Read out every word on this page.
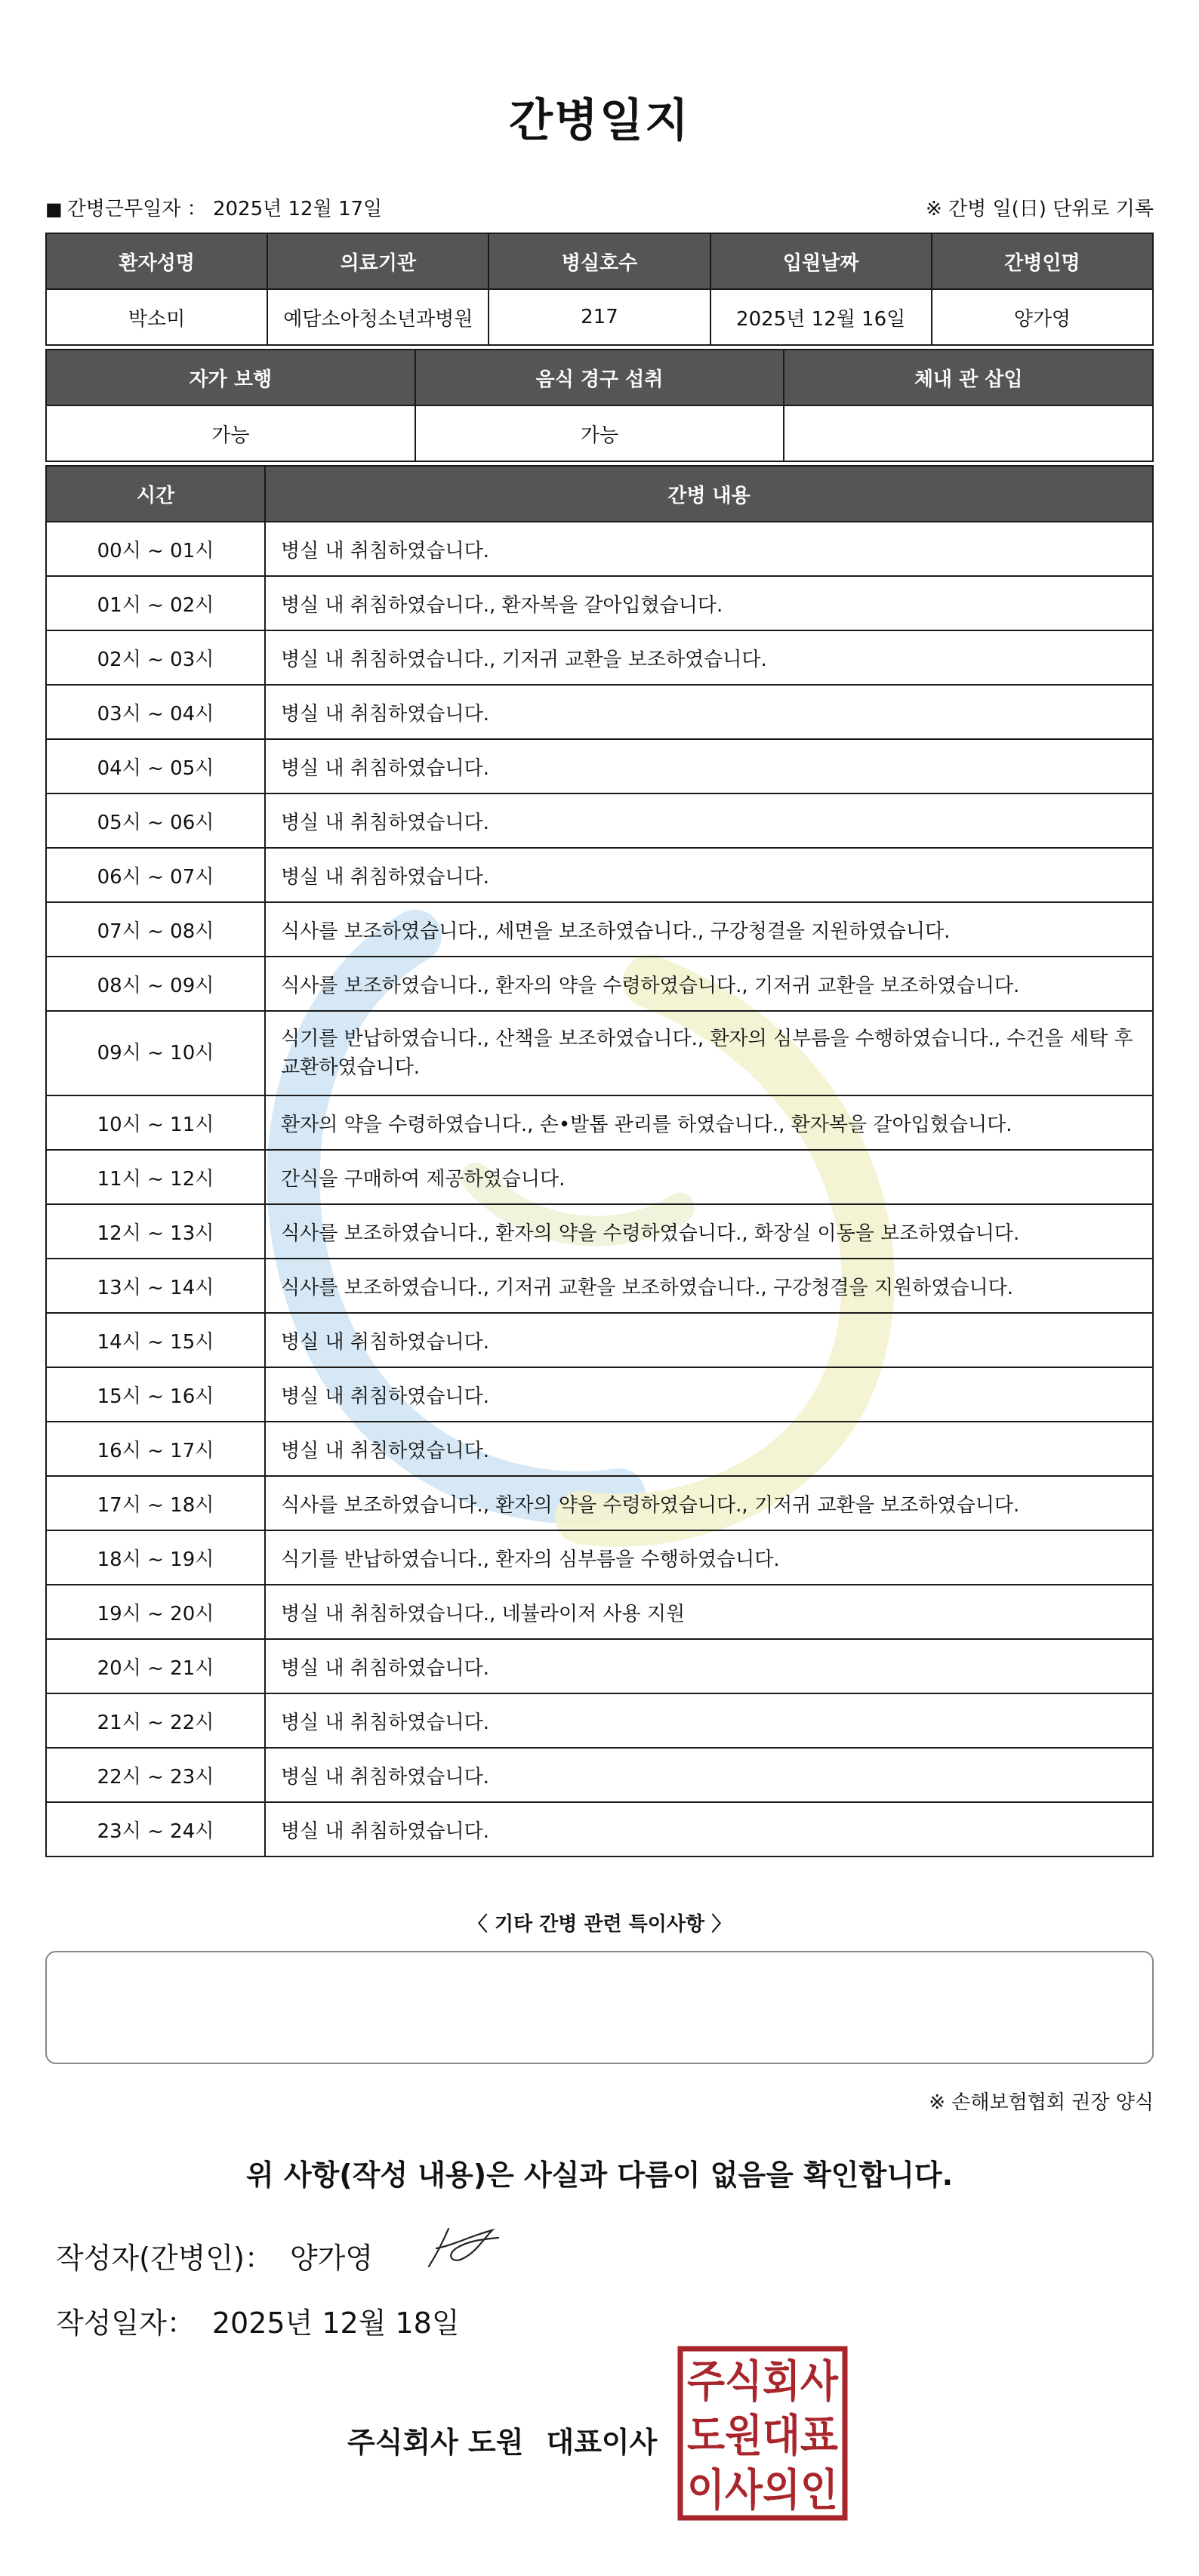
간병일지
■ 간병근무일자 ： 2025년 12월 17일	※ 간병 일(日) 단위로 기록
환자성명	의료기관	병실호수	입원날짜	간병인명
박소미	예담소아청소년과병원	217	2025년 12월 16일	양가영
자가 보행	음식 경구 섭취	체내 관 삽입
가능	가능	
시간	간병 내용
00시 ~ 01시	병실 내 취침하였습니다.
01시 ~ 02시	병실 내 취침하였습니다., 환자복을 갈아입혔습니다.
02시 ~ 03시	병실 내 취침하였습니다., 기저귀 교환을 보조하였습니다.
03시 ~ 04시	병실 내 취침하였습니다.
04시 ~ 05시	병실 내 취침하였습니다.
05시 ~ 06시	병실 내 취침하였습니다.
06시 ~ 07시	병실 내 취침하였습니다.
07시 ~ 08시	식사를 보조하였습니다., 세면을 보조하였습니다., 구강청결을 지원하였습니다.
08시 ~ 09시	식사를 보조하였습니다., 환자의 약을 수령하였습니다., 기저귀 교환을 보조하였습니다.
09시 ~ 10시	식기를 반납하였습니다., 산책을 보조하였습니다., 환자의 심부름을 수행하였습니다., 수건을 세탁 후 교환하였습니다.
10시 ~ 11시	환자의 약을 수령하였습니다., 손•발톱 관리를 하였습니다., 환자복을 갈아입혔습니다.
11시 ~ 12시	간식을 구매하여 제공하였습니다.
12시 ~ 13시	식사를 보조하였습니다., 환자의 약을 수령하였습니다., 화장실 이동을 보조하였습니다.
13시 ~ 14시	식사를 보조하였습니다., 기저귀 교환을 보조하였습니다., 구강청결을 지원하였습니다.
14시 ~ 15시	병실 내 취침하였습니다.
15시 ~ 16시	병실 내 취침하였습니다.
16시 ~ 17시	병실 내 취침하였습니다.
17시 ~ 18시	식사를 보조하였습니다., 환자의 약을 수령하였습니다., 기저귀 교환을 보조하였습니다.
18시 ~ 19시	식기를 반납하였습니다., 환자의 심부름을 수행하였습니다.
19시 ~ 20시	병실 내 취침하였습니다., 네뷸라이저 사용 지원
20시 ~ 21시	병실 내 취침하였습니다.
21시 ~ 22시	병실 내 취침하였습니다.
22시 ~ 23시	병실 내 취침하였습니다.
23시 ~ 24시	병실 내 취침하였습니다.
〈 기타 간병 관련 특이사항 〉
※ 손해보험협회 권장 양식
위 사항(작성 내용)은 사실과 다름이 없음을 확인합니다.
작성자(간병인)： 양가영
작성일자： 2025년 12월 18일
주식회사 도원 대표이사
주식회사
도원대표
이사의인
